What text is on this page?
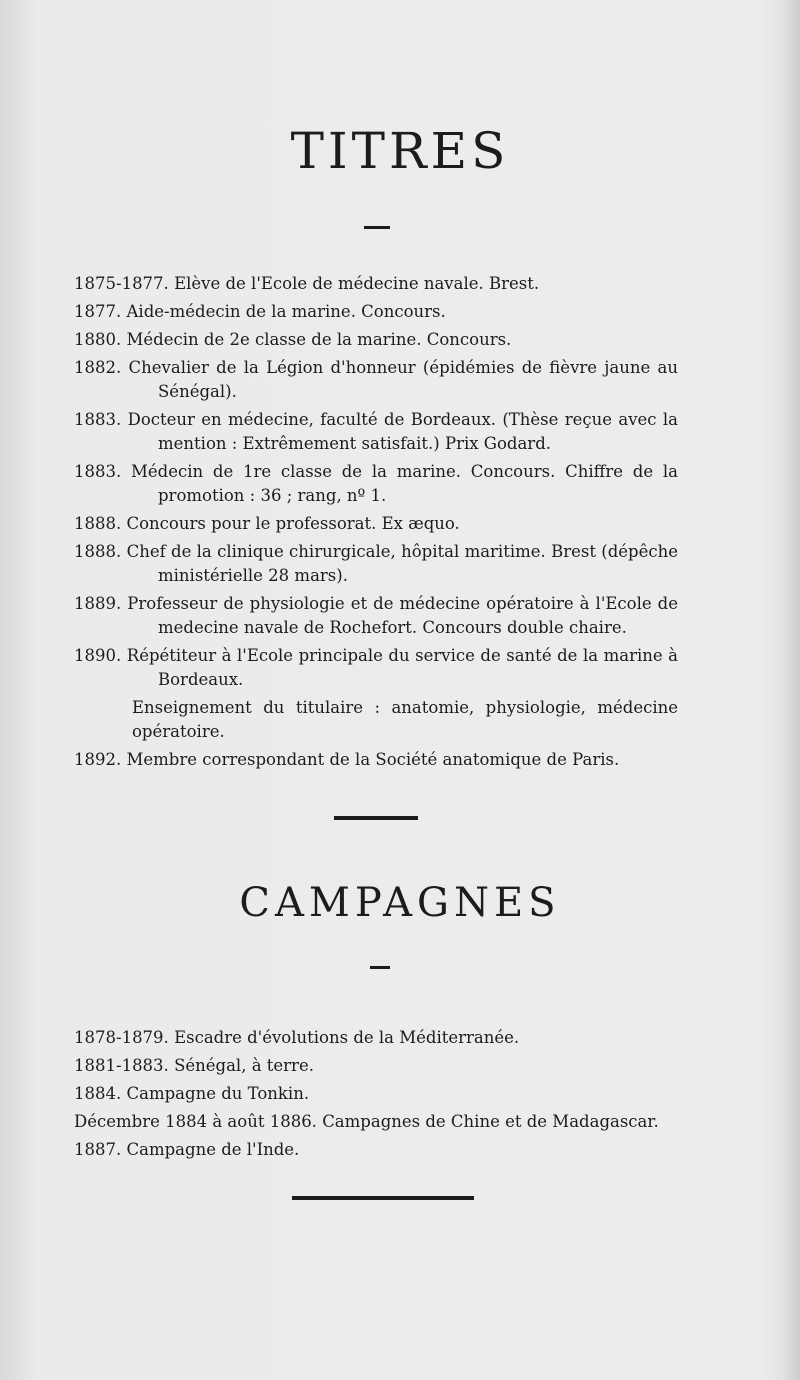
TITRES
1875-1877. Elève de l'Ecole de médecine navale. Brest.
1877. Aide-médecin de la marine. Concours.
1880. Médecin de 2e classe de la marine. Concours.
1882. Chevalier de la Légion d'honneur (épidémies de fièvre jaune au Sénégal).
1883. Docteur en médecine, faculté de Bordeaux. (Thèse reçue avec la mention : Extrêmement satisfait.) Prix Godard.
1883. Médecin de 1re classe de la marine. Concours. Chiffre de la promotion : 36 ; rang, nº 1.
1888. Concours pour le professorat. Ex æquo.
1888. Chef de la clinique chirurgicale, hôpital maritime. Brest (dépêche ministérielle 28 mars).
1889. Professeur de physiologie et de médecine opératoire à l'Ecole de medecine navale de Rochefort. Concours double chaire.
1890. Répétiteur à l'Ecole principale du service de santé de la marine à Bordeaux.
Enseignement du titulaire : anatomie, physiologie, médecine opératoire.
1892. Membre correspondant de la Société anatomique de Paris.
CAMPAGNES
1878-1879. Escadre d'évolutions de la Méditerranée.
1881-1883. Sénégal, à terre.
1884. Campagne du Tonkin.
Décembre 1884 à août 1886. Campagnes de Chine et de Madagascar.
1887. Campagne de l'Inde.
